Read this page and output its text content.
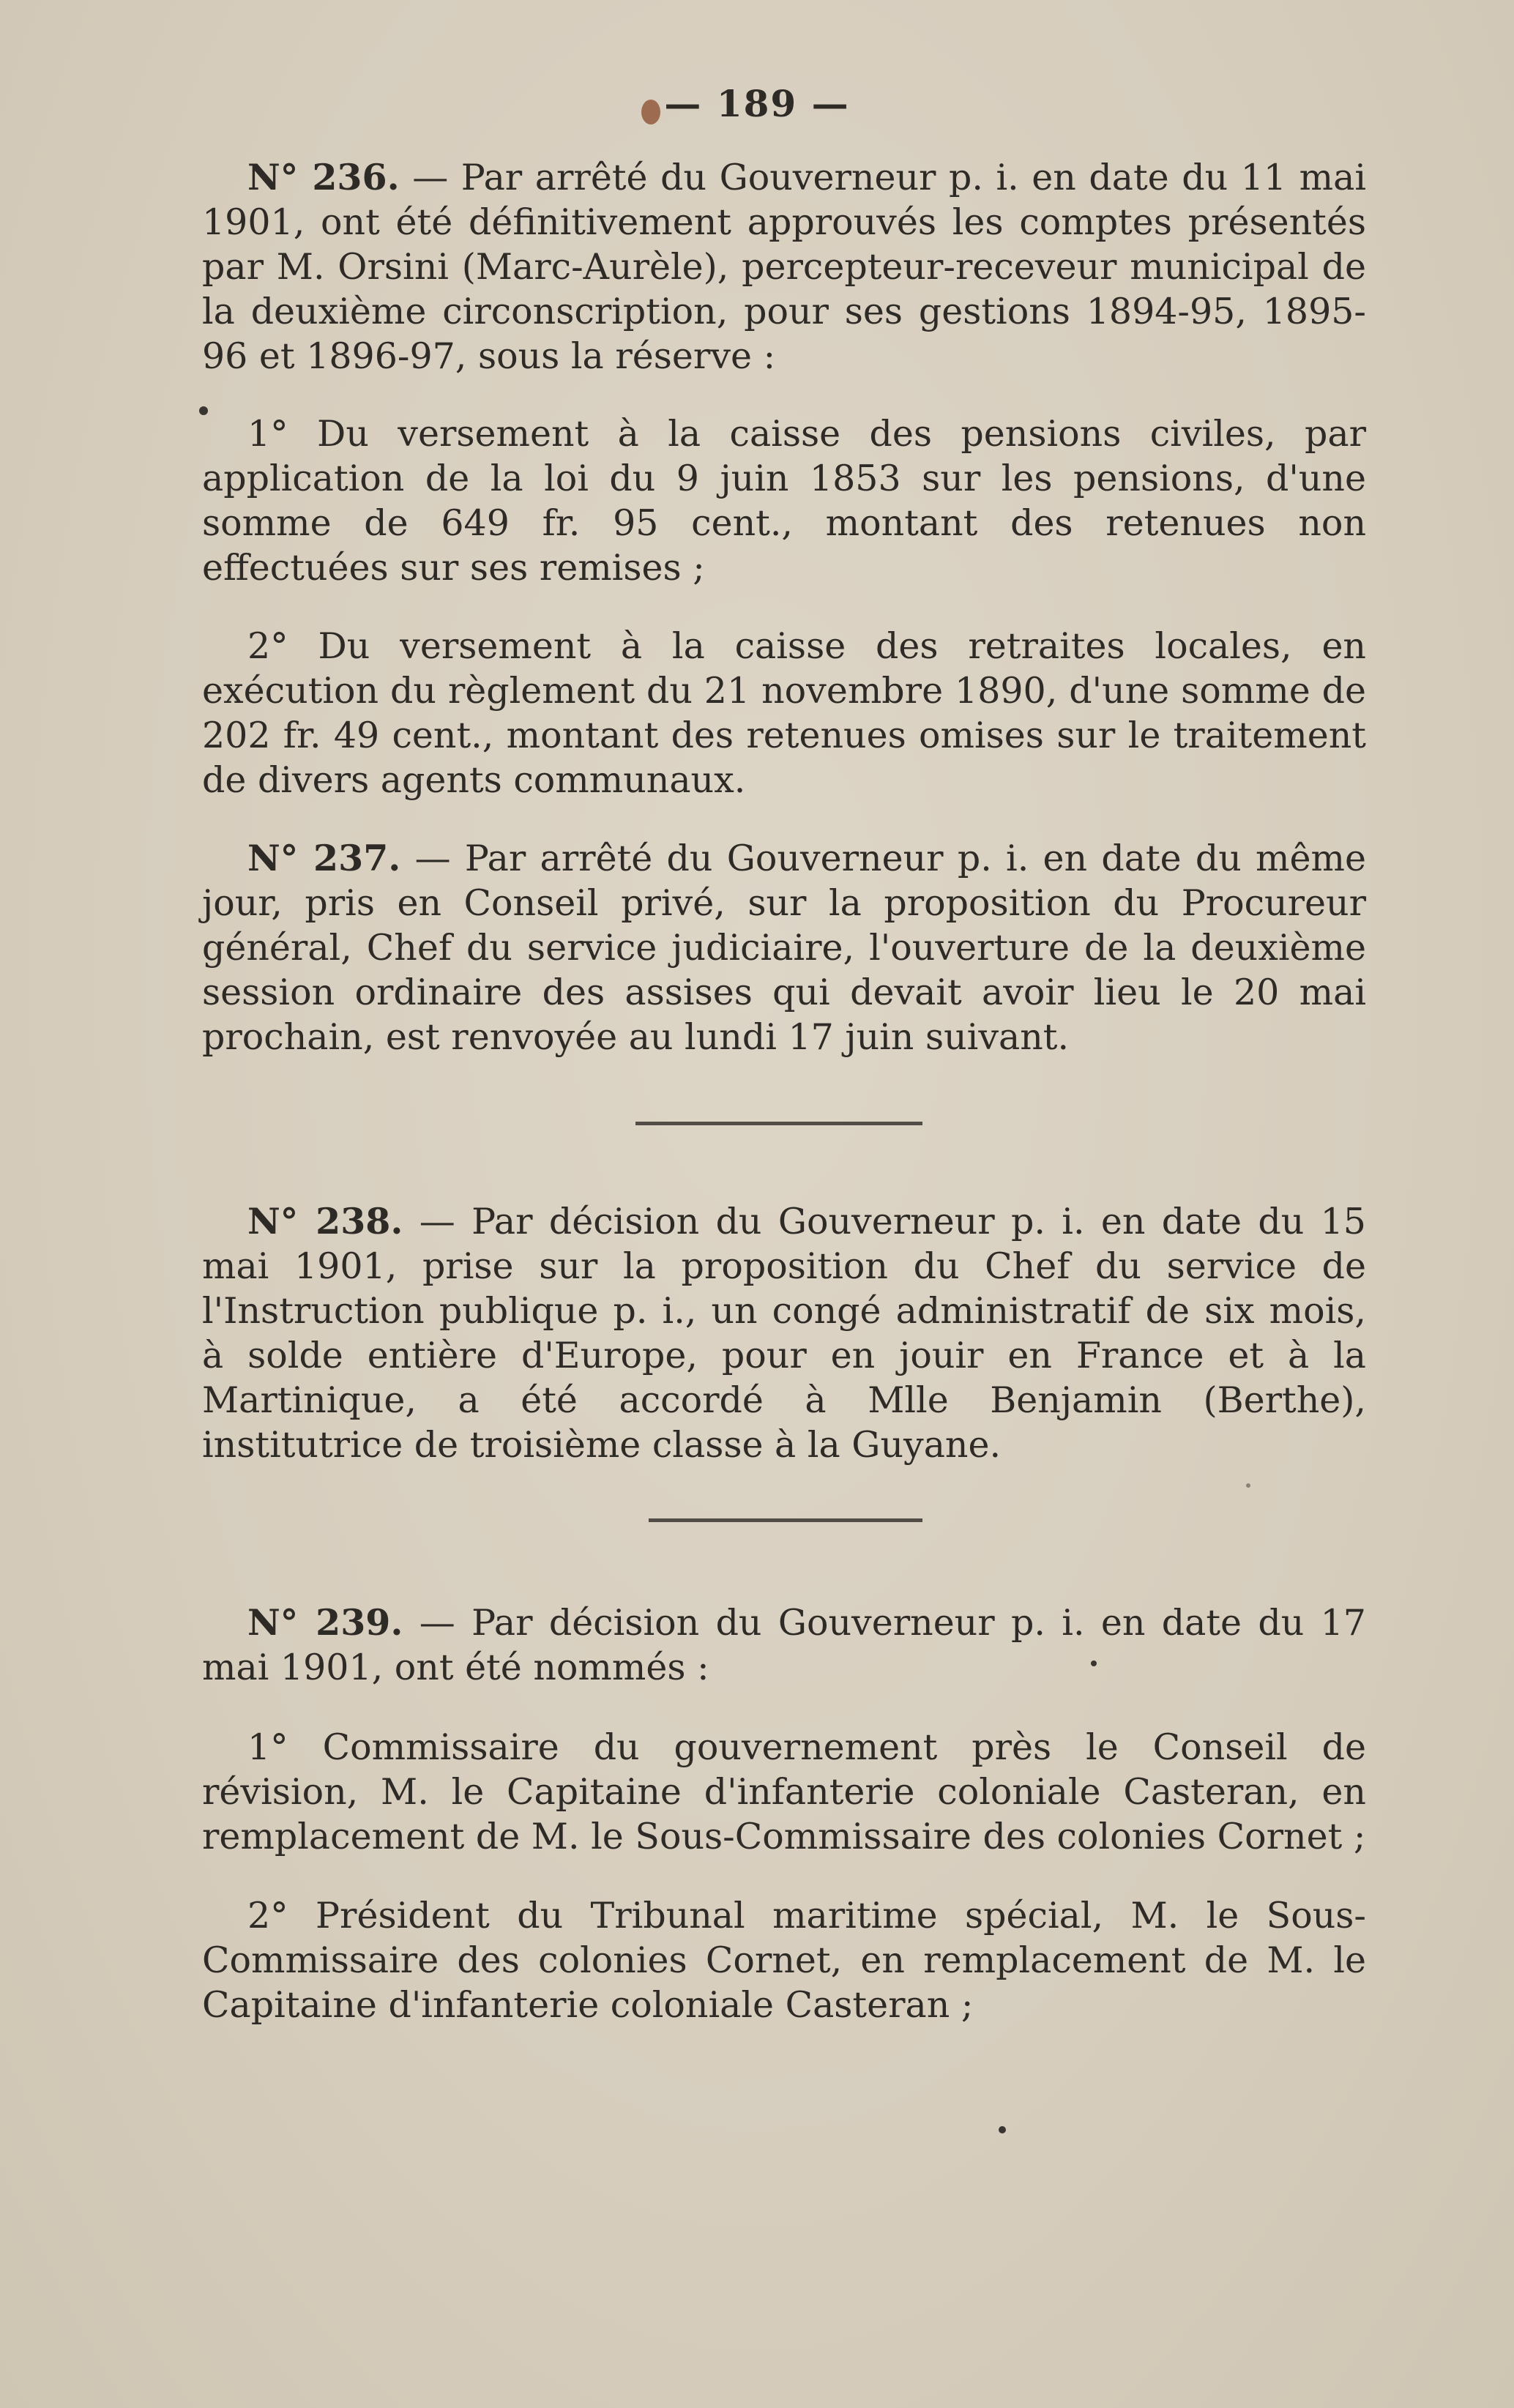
— 189 —

N° 236. — Par arrêté du Gouverneur p. i. en date du 11 mai 1901, ont été définitivement approuvés les comptes présentés par M. Orsini (Marc-Aurèle), percepteur-receveur municipal de la deuxième circonscription, pour ses gestions 1894-95, 1895-96 et 1896-97, sous la réserve :

1° Du versement à la caisse des pensions civiles, par application de la loi du 9 juin 1853 sur les pensions, d'une somme de 649 fr. 95 cent., montant des retenues non effectuées sur ses remises ;

2° Du versement à la caisse des retraites locales, en exécution du règlement du 21 novembre 1890, d'une somme de 202 fr. 49 cent., montant des retenues omises sur le traitement de divers agents communaux.

N° 237. — Par arrêté du Gouverneur p. i. en date du même jour, pris en Conseil privé, sur la proposition du Procureur général, Chef du service judiciaire, l'ouverture de la deuxième session ordinaire des assises qui devait avoir lieu le 20 mai prochain, est renvoyée au lundi 17 juin suivant.

N° 238. — Par décision du Gouverneur p. i. en date du 15 mai 1901, prise sur la proposition du Chef du service de l'Instruction publique p. i., un congé administratif de six mois, à solde entière d'Europe, pour en jouir en France et à la Martinique, a été accordé à Mlle Benjamin (Berthe), institutrice de troisième classe à la Guyane.

N° 239. — Par décision du Gouverneur p. i. en date du 17 mai 1901, ont été nommés :

1° Commissaire du gouvernement près le Conseil de révision, M. le Capitaine d'infanterie coloniale Casteran, en remplacement de M. le Sous-Commissaire des colonies Cornet ;

2° Président du Tribunal maritime spécial, M. le Sous-Commissaire des colonies Cornet, en remplacement de M. le Capitaine d'infanterie coloniale Casteran ;
